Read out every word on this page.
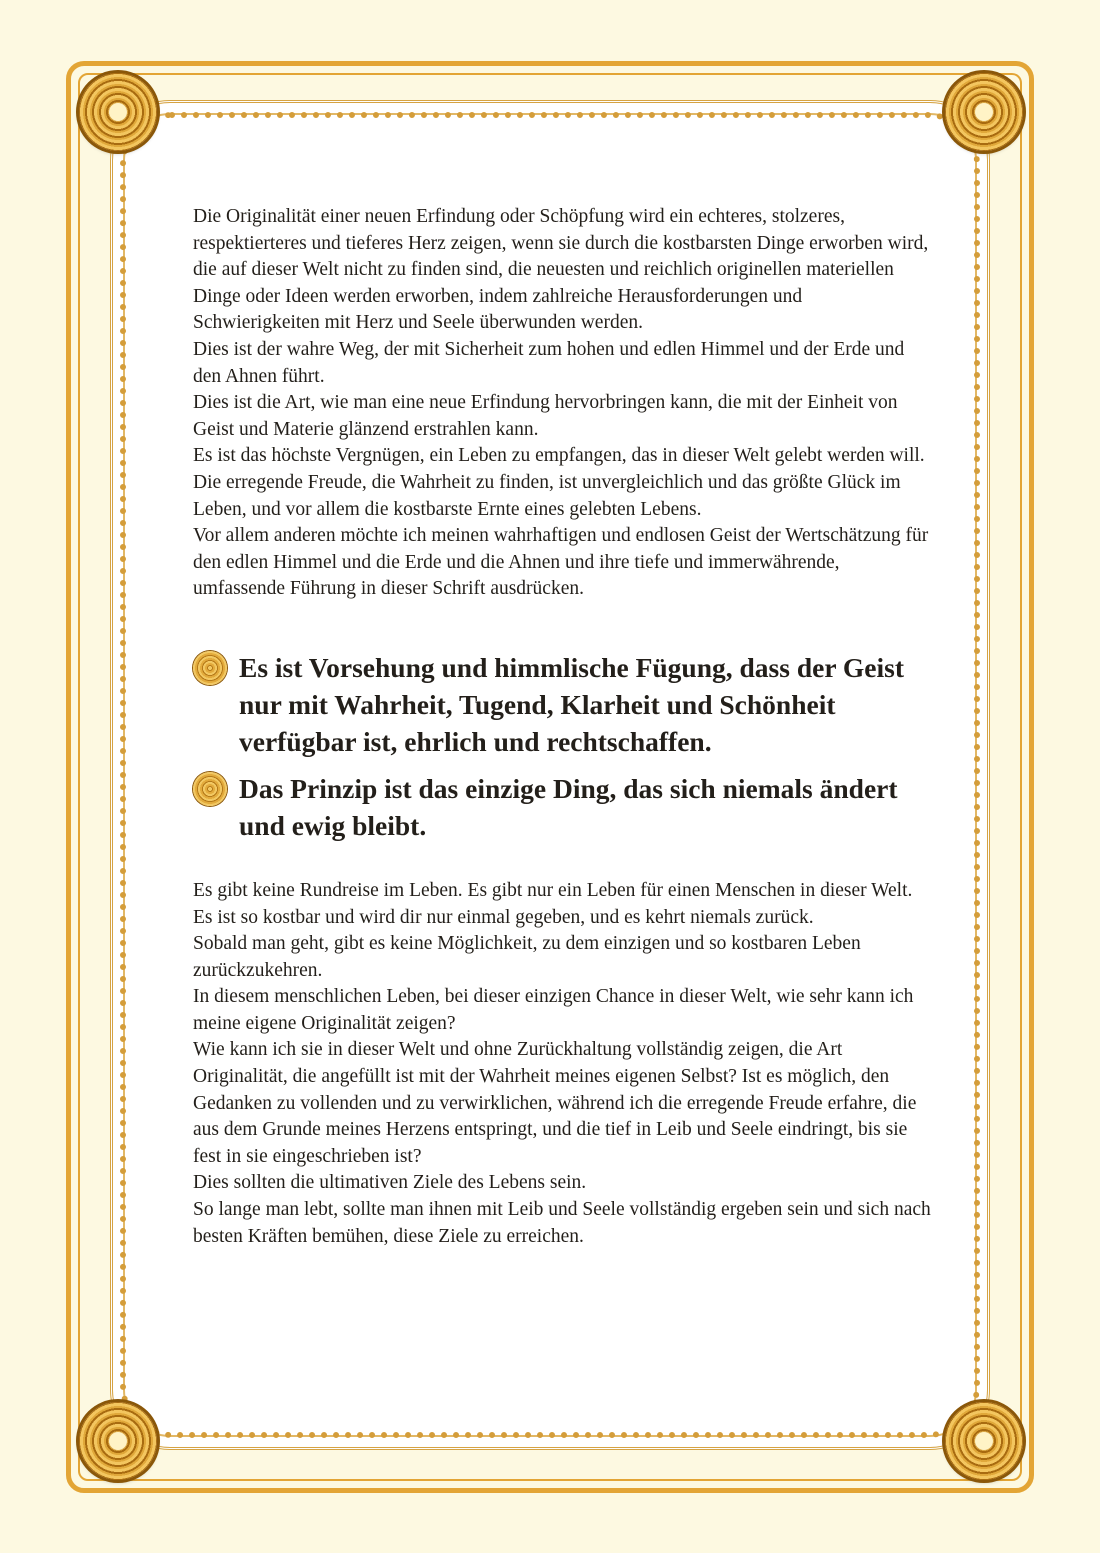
Die Originalität einer neuen Erfindung oder Schöpfung wird ein echteres, stolzeres, respektierteres und tieferes Herz zeigen, wenn sie durch die kostbarsten Dinge erworben wird, die auf dieser Welt nicht zu finden sind, die neuesten und reichlich originellen materiellen Dinge oder Ideen werden erworben, indem zahlreiche Herausforderungen und Schwierigkeiten mit Herz und Seele überwunden werden.

Dies ist der wahre Weg, der mit Sicherheit zum hohen und edlen Himmel und der Erde und den Ahnen führt.

Dies ist die Art, wie man eine neue Erfindung hervorbringen kann, die mit der Einheit von Geist und Materie glänzend erstrahlen kann.

Es ist das höchste Vergnügen, ein Leben zu empfangen, das in dieser Welt gelebt werden will.

Die erregende Freude, die Wahrheit zu finden, ist unvergleichlich und das größte Glück im Leben, und vor allem die kostbarste Ernte eines gelebten Lebens.

Vor allem anderen möchte ich meinen wahrhaftigen und endlosen Geist der Wertschätzung für den edlen Himmel und die Erde und die Ahnen und ihre tiefe und immerwährende, umfassende Führung in dieser Schrift ausdrücken.

Es ist Vorsehung und himmlische Fügung, dass der Geist nur mit Wahrheit, Tugend, Klarheit und Schönheit verfügbar ist, ehrlich und rechtschaffen.
Das Prinzip ist das einzige Ding, das sich niemals ändert und ewig bleibt.

Es gibt keine Rundreise im Leben. Es gibt nur ein Leben für einen Menschen in dieser Welt.

Es ist so kostbar und wird dir nur einmal gegeben, und es kehrt niemals zurück.

Sobald man geht, gibt es keine Möglichkeit, zu dem einzigen und so kostbaren Leben zurückzukehren.

In diesem menschlichen Leben, bei dieser einzigen Chance in dieser Welt, wie sehr kann ich meine eigene Originalität zeigen?

Wie kann ich sie in dieser Welt und ohne Zurückhaltung vollständig zeigen, die Art Originalität, die angefüllt ist mit der Wahrheit meines eigenen Selbst? Ist es möglich, den Gedanken zu vollenden und zu verwirklichen, während ich die erregende Freude erfahre, die aus dem Grunde meines Herzens entspringt, und die tief in Leib und Seele eindringt, bis sie fest in sie eingeschrieben ist?

Dies sollten die ultimativen Ziele des Lebens sein.

So lange man lebt, sollte man ihnen mit Leib und Seele vollständig ergeben sein und sich nach besten Kräften bemühen, diese Ziele zu erreichen.
